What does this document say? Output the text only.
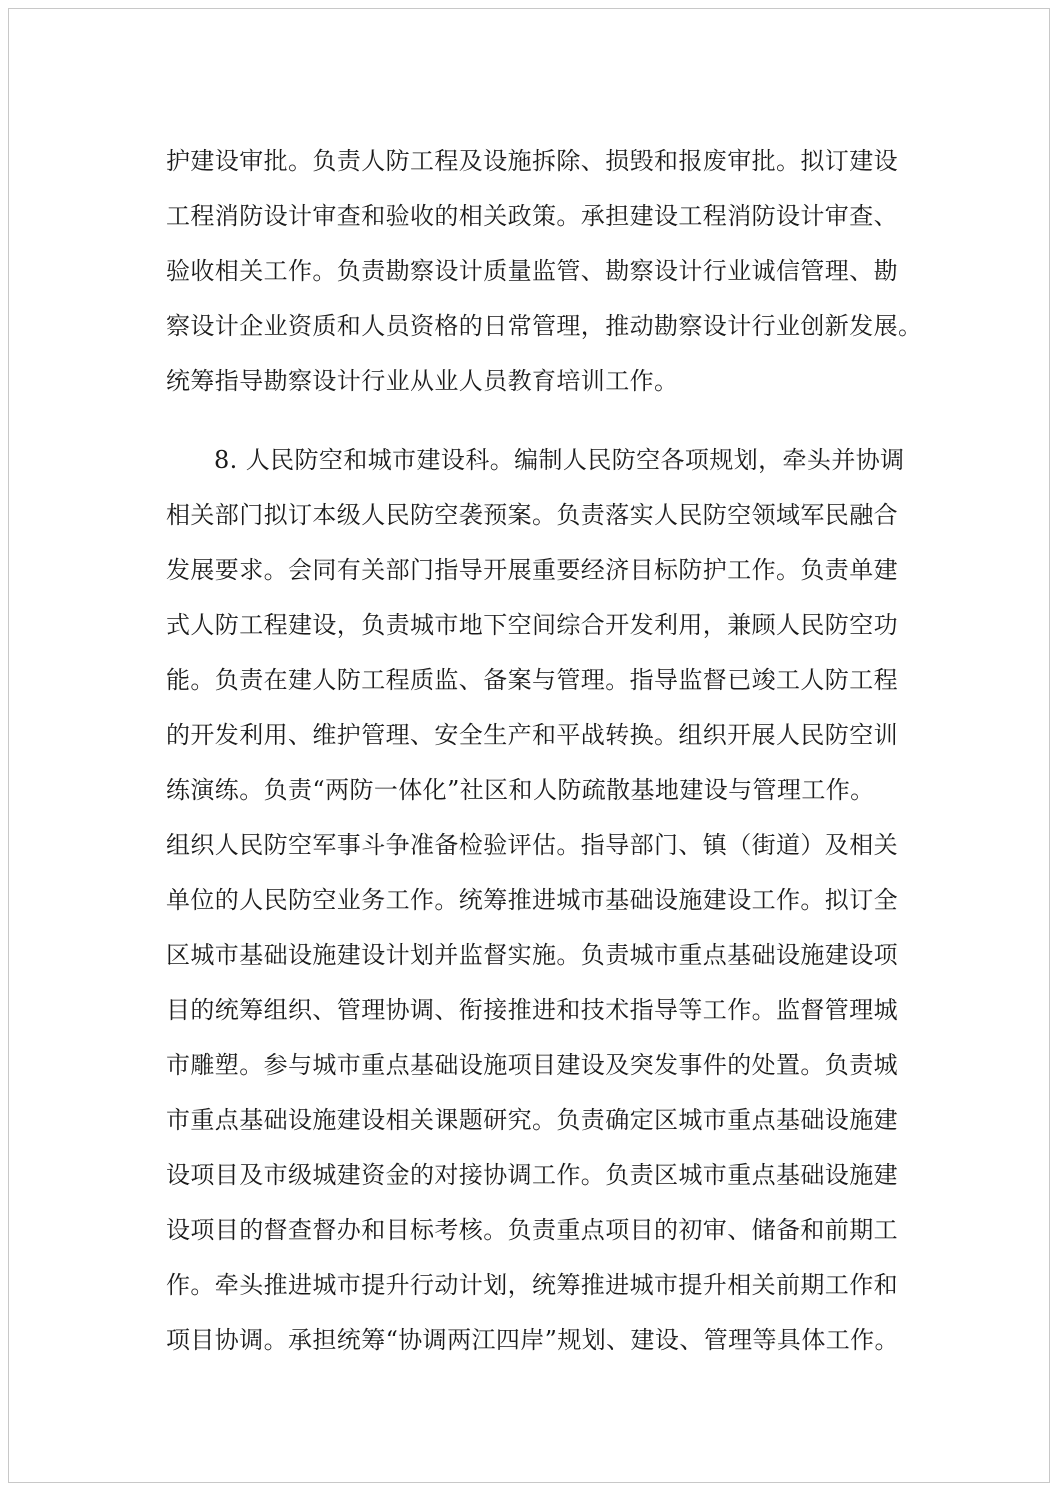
护建设审批。负责人防工程及设施拆除、损毁和报废审批。拟订建设
工程消防设计审查和验收的相关政策。承担建设工程消防设计审查、
验收相关工作。负责勘察设计质量监管、勘察设计行业诚信管理、勘
察设计企业资质和人员资格的日常管理，推动勘察设计行业创新发展。
统筹指导勘察设计行业从业人员教育培训工作。
8. 人民防空和城市建设科。编制人民防空各项规划，牵头并协调
相关部门拟订本级人民防空袭预案。负责落实人民防空领域军民融合
发展要求。会同有关部门指导开展重要经济目标防护工作。负责单建
式人防工程建设，负责城市地下空间综合开发利用，兼顾人民防空功
能。负责在建人防工程质监、备案与管理。指导监督已竣工人防工程
的开发利用、维护管理、安全生产和平战转换。组织开展人民防空训
练演练。负责“两防一体化”社区和人防疏散基地建设与管理工作。
组织人民防空军事斗争准备检验评估。指导部门、镇（街道）及相关
单位的人民防空业务工作。统筹推进城市基础设施建设工作。拟订全
区城市基础设施建设计划并监督实施。负责城市重点基础设施建设项
目的统筹组织、管理协调、衔接推进和技术指导等工作。监督管理城
市雕塑。参与城市重点基础设施项目建设及突发事件的处置。负责城
市重点基础设施建设相关课题研究。负责确定区城市重点基础设施建
设项目及市级城建资金的对接协调工作。负责区城市重点基础设施建
设项目的督查督办和目标考核。负责重点项目的初审、储备和前期工
作。牵头推进城市提升行动计划，统筹推进城市提升相关前期工作和
项目协调。承担统筹“协调两江四岸”规划、建设、管理等具体工作。
